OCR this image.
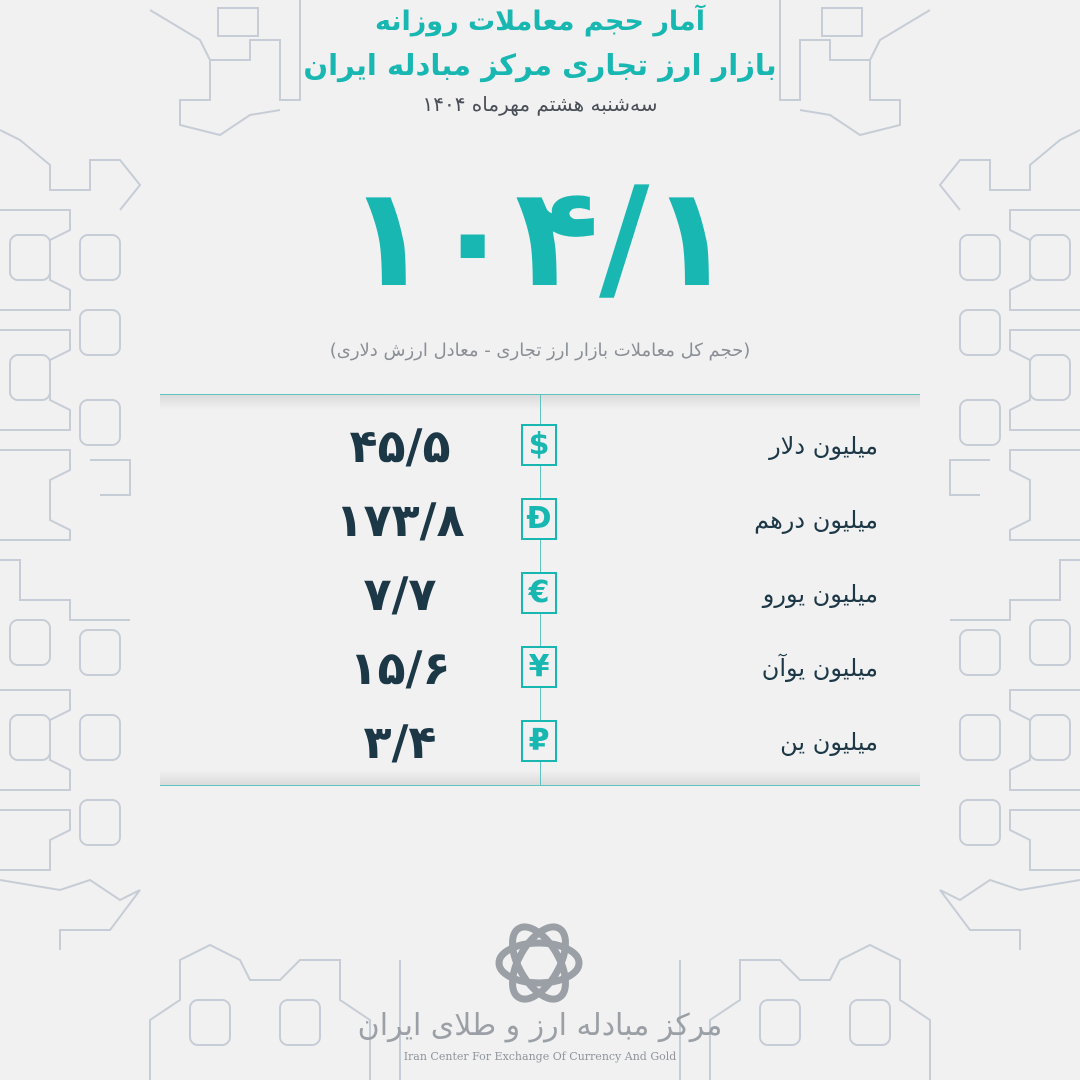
آمار حجم معاملات روزانه
بازار ارز تجاری مرکز مبادله ایران
سه‌شنبه هشتم مهرماه ۱۴۰۴
۱۰۴/۱
(حجم کل معاملات بازار ارز تجاری - معادل ارزش دلاری)
۴۵/۵	$	میلیون دلار
۱۷۳/۸	Đ	میلیون درهم
۷/۷	€	میلیون یورو
۱۵/۶	¥	میلیون یوآن
۳/۴	₽	میلیون ین
مرکز مبادله ارز و طلای ایران
Iran Center For Exchange Of Currency And Gold
